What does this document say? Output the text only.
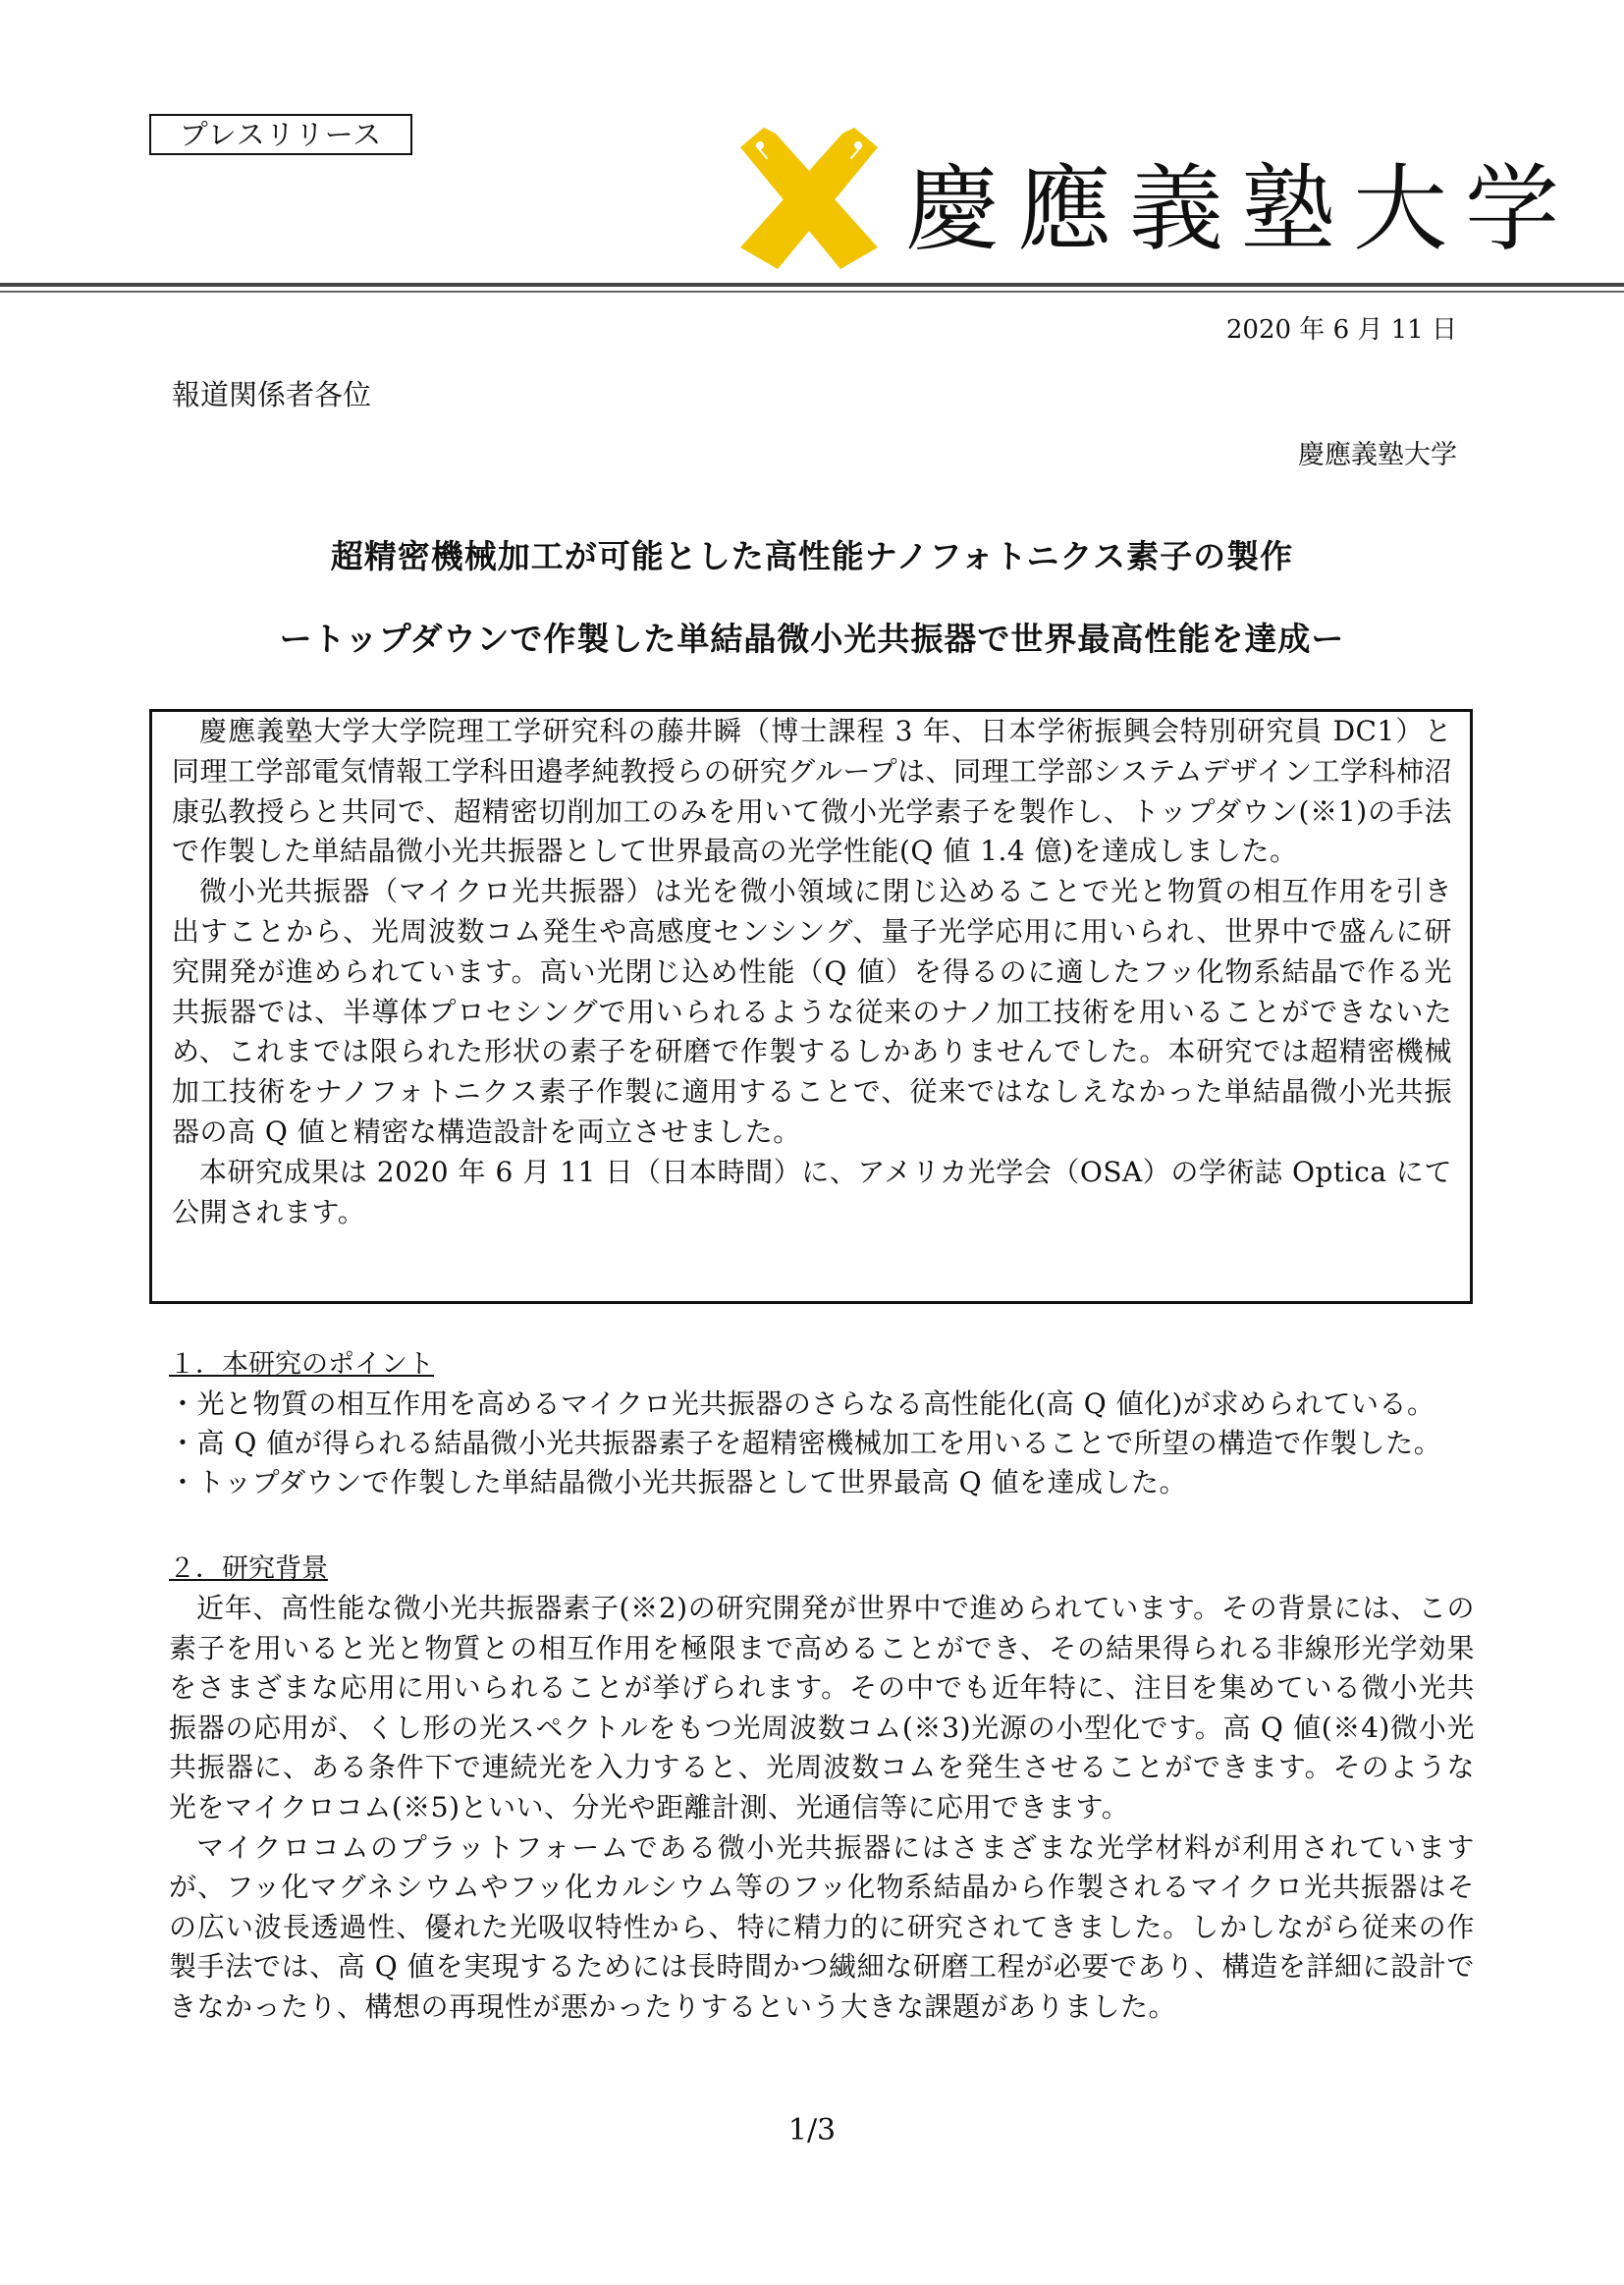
プレスリリース
慶應義塾大学
2020 年 6 月 11 日
報道関係者各位
慶應義塾大学
超精密機械加工が可能とした高性能ナノフォトニクス素子の製作
ートップダウンで作製した単結晶微小光共振器で世界最高性能を達成ー

慶應義塾大学大学院理工学研究科の藤井瞬（博士課程 3 年、日本学術振興会特別研究員 DC1）と同理工学部電気情報工学科田邉孝純教授らの研究グループは、同理工学部システムデザイン工学科柿沼康弘教授らと共同で、超精密切削加工のみを用いて微小光学素子を製作し、トップダウン(※1)の手法で作製した単結晶微小光共振器として世界最高の光学性能(Q 値 1.4 億)を達成しました。

微小光共振器（マイクロ光共振器）は光を微小領域に閉じ込めることで光と物質の相互作用を引き出すことから、光周波数コム発生や高感度センシング、量子光学応用に用いられ、世界中で盛んに研究開発が進められています。高い光閉じ込め性能（Q 値）を得るのに適したフッ化物系結晶で作る光共振器では、半導体プロセシングで用いられるような従来のナノ加工技術を用いることができないため、これまでは限られた形状の素子を研磨で作製するしかありませんでした。本研究では超精密機械加工技術をナノフォトニクス素子作製に適用することで、従来ではなしえなかった単結晶微小光共振器の高 Q 値と精密な構造設計を両立させました。

本研究成果は 2020 年 6 月 11 日（日本時間）に、アメリカ光学会（OSA）の学術誌 Optica にて公開されます。

１．本研究のポイント

・光と物質の相互作用を高めるマイクロ光共振器のさらなる高性能化(高 Q 値化)が求められている。

・高 Q 値が得られる結晶微小光共振器素子を超精密機械加工を用いることで所望の構造で作製した。

・トップダウンで作製した単結晶微小光共振器として世界最高 Q 値を達成した。

２．研究背景

近年、高性能な微小光共振器素子(※2)の研究開発が世界中で進められています。その背景には、この素子を用いると光と物質との相互作用を極限まで高めることができ、その結果得られる非線形光学効果をさまざまな応用に用いられることが挙げられます。その中でも近年特に、注目を集めている微小光共振器の応用が、くし形の光スペクトルをもつ光周波数コム(※3)光源の小型化です。高 Q 値(※4)微小光共振器に、ある条件下で連続光を入力すると、光周波数コムを発生させることができます。そのような光をマイクロコム(※5)といい、分光や距離計測、光通信等に応用できます。

マイクロコムのプラットフォームである微小光共振器にはさまざまな光学材料が利用されていますが、フッ化マグネシウムやフッ化カルシウム等のフッ化物系結晶から作製されるマイクロ光共振器はその広い波長透過性、優れた光吸収特性から、特に精力的に研究されてきました。しかしながら従来の作製手法では、高 Q 値を実現するためには長時間かつ繊細な研磨工程が必要であり、構造を詳細に設計できなかったり、構想の再現性が悪かったりするという大きな課題がありました。

1/3
